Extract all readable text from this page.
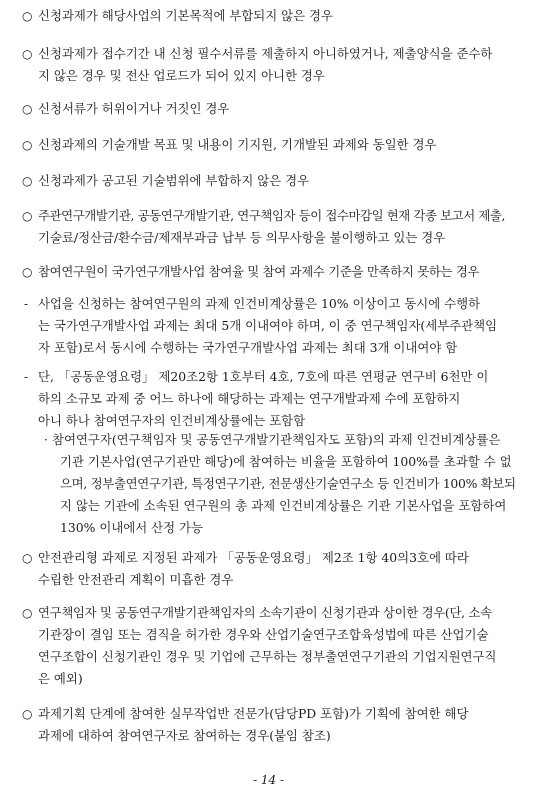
○ 신청과제가 해당사업의 기본목적에 부합되지 않은 경우
○ 신청과제가 접수기간 내 신청 필수서류를 제출하지 아니하였거나, 제출양식을 준수하
지 않은 경우 및 전산 업로드가 되어 있지 아니한 경우
○ 신청서류가 허위이거나 거짓인 경우
○ 신청과제의 기술개발 목표 및 내용이 기지원, 기개발된 과제와 동일한 경우
○ 신청과제가 공고된 기술범위에 부합하지 않은 경우
○ 주관연구개발기관, 공동연구개발기관, 연구책임자 등이 접수마감일 현재 각종 보고서 제출,
기술료/정산금/환수금/제재부과금 납부 등 의무사항을 불이행하고 있는 경우
○ 참여연구원이 국가연구개발사업 참여율 및 참여 과제수 기준을 만족하지 못하는 경우
- 사업을 신청하는 참여연구원의 과제 인건비계상률은 10% 이상이고 동시에 수행하
는 국가연구개발사업 과제는 최대 5개 이내여야 하며, 이 중 연구책임자(세부주관책임
자 포함)로서 동시에 수행하는 국가연구개발사업 과제는 최대 3개 이내여야 함
- 단, 「공동운영요령」 제20조2항 1호부터 4호, 7호에 따른 연평균 연구비 6천만 이
하의 소규모 과제 중 어느 하나에 해당하는 과제는 연구개발과제 수에 포함하지
아니 하나 참여연구자의 인건비계상률에는 포함함
· 참여연구자(연구책임자 및 공동연구개발기관책임자도 포함)의 과제 인건비계상률은
기관 기본사업(연구기관만 해당)에 참여하는 비율을 포함하여 100%를 초과할 수 없
으며, 정부출연연구기관, 특정연구기관, 전문생산기술연구소 등 인건비가 100% 확보되
지 않는 기관에 소속된 연구원의 총 과제 인건비계상률은 기관 기본사업을 포함하여
130% 이내에서 산정 가능
○ 안전관리형 과제로 지정된 과제가 「공동운영요령」 제2조 1항 40의3호에 따라
수립한 안전관리 계획이 미흡한 경우
○ 연구책임자 및 공동연구개발기관책임자의 소속기관이 신청기관과 상이한 경우(단, 소속
기관장이 결임 또는 겸직을 허가한 경우와 산업기술연구조합육성법에 따른 산업기술
연구조합이 신청기관인 경우 및 기업에 근무하는 정부출연연구기관의 기업지원연구직
은 예외)
○ 과제기획 단계에 참여한 실무작업반 전문가(담당PD 포함)가 기획에 참여한 해당
과제에 대하여 참여연구자로 참여하는 경우(붙임 참조)
- 14 -
